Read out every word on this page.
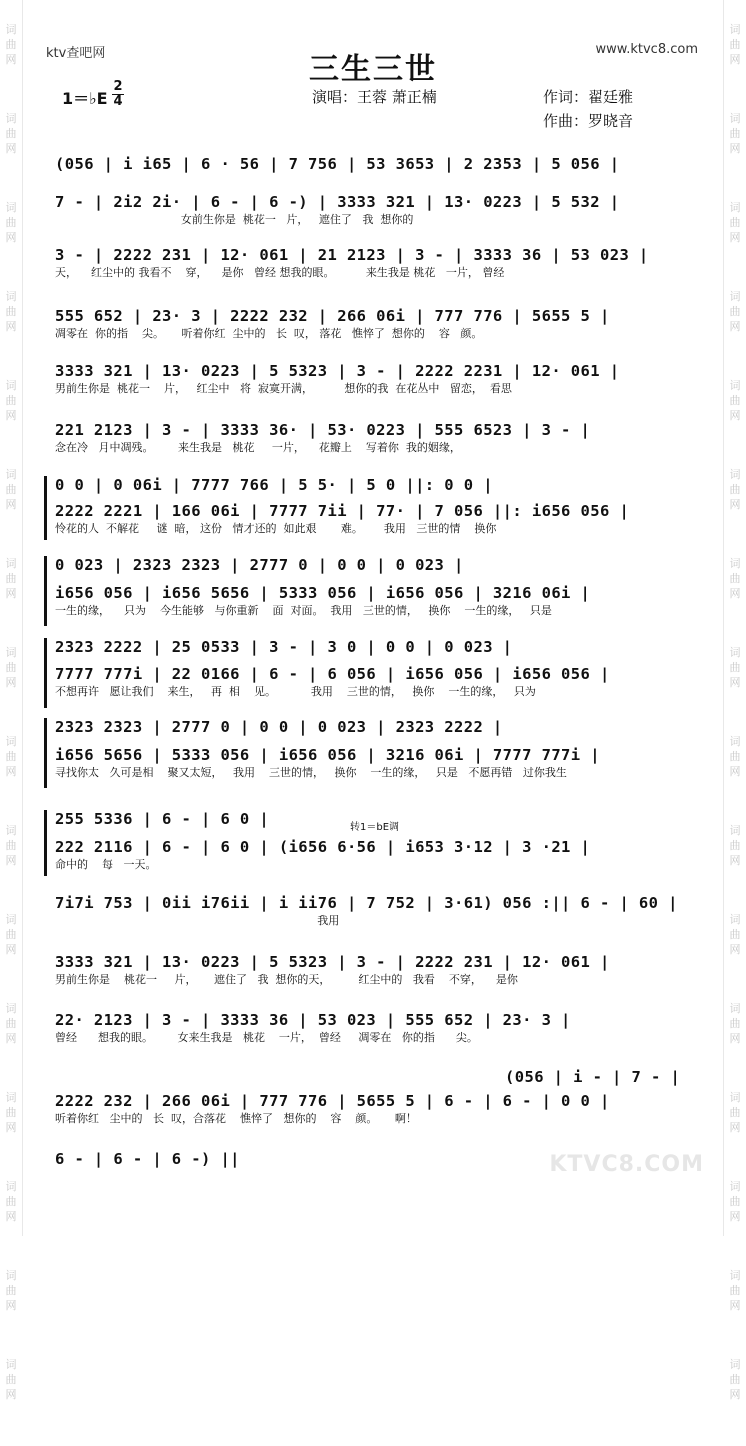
词
曲
网
词
曲
网
词
曲
网
词
曲
网
词
曲
网
词
曲
网
词
曲
网
词
曲
网
词
曲
网
词
曲
网
词
曲
网
词
曲
网
词
曲
网
词
曲
网
词
曲
网
词
曲
网
词
曲
网
词
曲
网
词
曲
网
词
曲
网
词
曲
网
词
曲
网
词
曲
网
词
曲
网
词
曲
网
词
曲
网
词
曲
网
词
曲
网
词
曲
网
词
曲
网
词
曲
网
词
曲
网
ktv查吧网	www.ktvc8.com
三生三世
1＝♭E
2
4	演唱：王蓉 萧正楠	作词：翟廷雅
作曲：罗晓音
(056 | i i65 | 6 · 56 | 7 756 | 53 3653 | 2 2353 | 5 056 |
7 - | 2i2 2i· | 6 - | 6 -) | 3333 321 | 13· 0223 | 5 532 |
女前生你是  桃花一   片，   遮住了   我  想你的
3 - | 2222 231 | 12· 061 | 21 2123 | 3 - | 3333 36 | 53 023 |
天，    红尘中的 我看不    穿，    是你   曾经 想我的眼。         来生我是 桃花   一片， 曾经
555 652 | 23· 3 | 2222 232 | 266 06i | 777 776 | 5655 5 |
凋零在  你的指    尖。     听着你红  尘中的   长  叹， 落花   憔悴了  想你的    容   颜。
3333 321 | 13· 0223 | 5 5323 | 3 - | 2222 2231 | 12· 061 |
男前生你是  桃花一    片，   红尘中   将  寂寞开满，         想你的我  在花丛中   留恋，  看思
221 2123 | 3 - | 3333 36· | 53· 0223 | 555 6523 | 3 - |
念在冷   月中凋残。       来生我是   桃花     一片，    花瓣上    写着你  我的姻缘，
0 0 | 0 06i | 7777 766 | 5 5· | 5 0 ||: 0 0 |
2222 2221 | 166 06i | 7777 7ii | 77· | 7 056 ||: i656 056 |
怜花的人  不解花     谜  暗， 这份   情才还的  如此艰       难。      我用   三世的情    换你
0 023 | 2323 2323 | 2777 0 | 0 0 | 0 023 |
i656 056 | i656 5656 | 5333 056 | i656 056 | 3216 06i |
一生的缘，    只为    今生能够   与你重新    面  对面。  我用   三世的情，   换你    一生的缘，   只是
2323 2222 | 25 0533 | 3 - | 3 0 | 0 0 | 0 023 |
7777 777i | 22 0166 | 6 - | 6 056 | i656 056 | i656 056 |
不想再许   愿让我们    来生，   再  相    见。          我用    三世的情，   换你    一生的缘，   只为
2323 2323 | 2777 0 | 0 0 | 0 023 | 2323 2222 |
i656 5656 | 5333 056 | i656 056 | 3216 06i | 7777 777i |
寻找你太   久可是相    聚又太短，   我用    三世的情，   换你    一生的缘，   只是   不愿再错   过你我生
255 5336 | 6 - | 6 0 |	转1＝bE调
222 2116 | 6 - | 6 0 | (i656 6·56 | i653 3·12 | 3 ·21 |
命中的    每   一天。
7i7i 753 | 0ii i76ii | i ii76 | 7 752 | 3·61) 056 :|| 6 - | 60 |
我用
3333 321 | 13· 0223 | 5 5323 | 3 - | 2222 231 | 12· 061 |
男前生你是    桃花一     片，     遮住了   我  想你的天，        红尘中的   我看    不穿，    是你
22· 2123 | 3 - | 3333 36 | 53 023 | 555 652 | 23· 3 |
曾经      想我的眼。       女来生我是   桃花    一片，  曾经     凋零在   你的指      尖。
(056 | i - | 7 - |
2222 232 | 266 06i | 777 776 | 5655 5 | 6 - | 6 - | 0 0 |
听着你红   尘中的   长  叹，合落花    憔悴了   想你的    容    颜。     啊！
6 - | 6 - | 6 -) ||	KTVC8.COM
